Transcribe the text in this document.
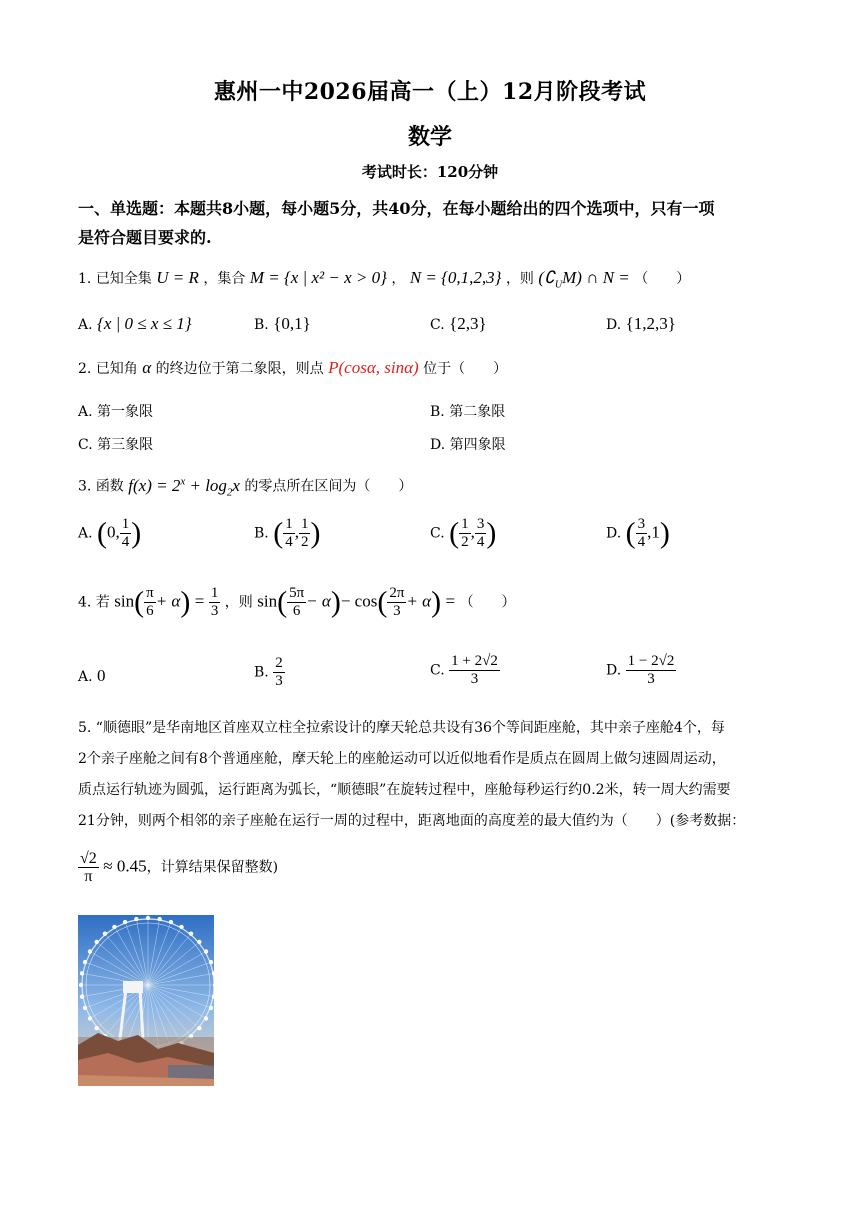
惠州一中2026届高一（上）12月阶段考试
数学
考试时长：120分钟
一、单选题：本题共8小题，每小题5分，共40分，在每小题给出的四个选项中，只有一项
是符合题目要求的.
1. 已知全集 U = R ，集合 M = {x | x² − x > 0} ， N = {0,1,2,3} ，则 $(∁_UM)$ ∩ N = （　　）
A. {x | 0 ≤ x ≤ 1}	B. {0,1}	C. {2,3}	D. {1,2,3}
2. 已知角 α 的终边位于第二象限，则点 P(cosα, sinα) 位于（　　）
A. 第一象限	B. 第二象限
C. 第三象限	D. 第四象限
3. 函数 $f(x) = 2^x + \log_2x$ 的零点所在区间为（　　）
A. (0, $\frac{1}{4}$ )	B. ( $\frac{1}{4}$ , $\frac{1}{2}$ )	C. ( $\frac{1}{2}$ , $\frac{3}{4}$ )	D. ( $\frac{3}{4} ,1$)
4. 若 $\sin( \frac{\pi}{6} + \alpha) = \frac{1}{3}$ ，则 $\sin( \frac{5\pi}{6} - \alpha)- \cos( \frac{2\pi}{3} + \alpha)$ = （　　）
A. 0	B. $\frac{2}{3}$	C. $\frac{1 + 2√2}{3}$	D. $\frac{1 - 2√2}{3}$
5. “顺德眼”是华南地区首座双立柱全拉索设计的摩天轮总共设有36个等间距座舱，其中亲子座舱4个，每
2个亲子座舱之间有8个普通座舱，摩天轮上的座舱运动可以近似地看作是质点在圆周上做匀速圆周运动，
质点运行轨迹为圆弧，运行距离为弧长，“顺德眼”在旋转过程中，座舱每秒运行约0.2米，转一周大约需要
21分钟，则两个相邻的亲子座舱在运行一周的过程中，距离地面的高度差的最大值约为（　　）(参考数据：
$\frac{√2}{\pi} \approx 0.45$，计算结果保留整数)
